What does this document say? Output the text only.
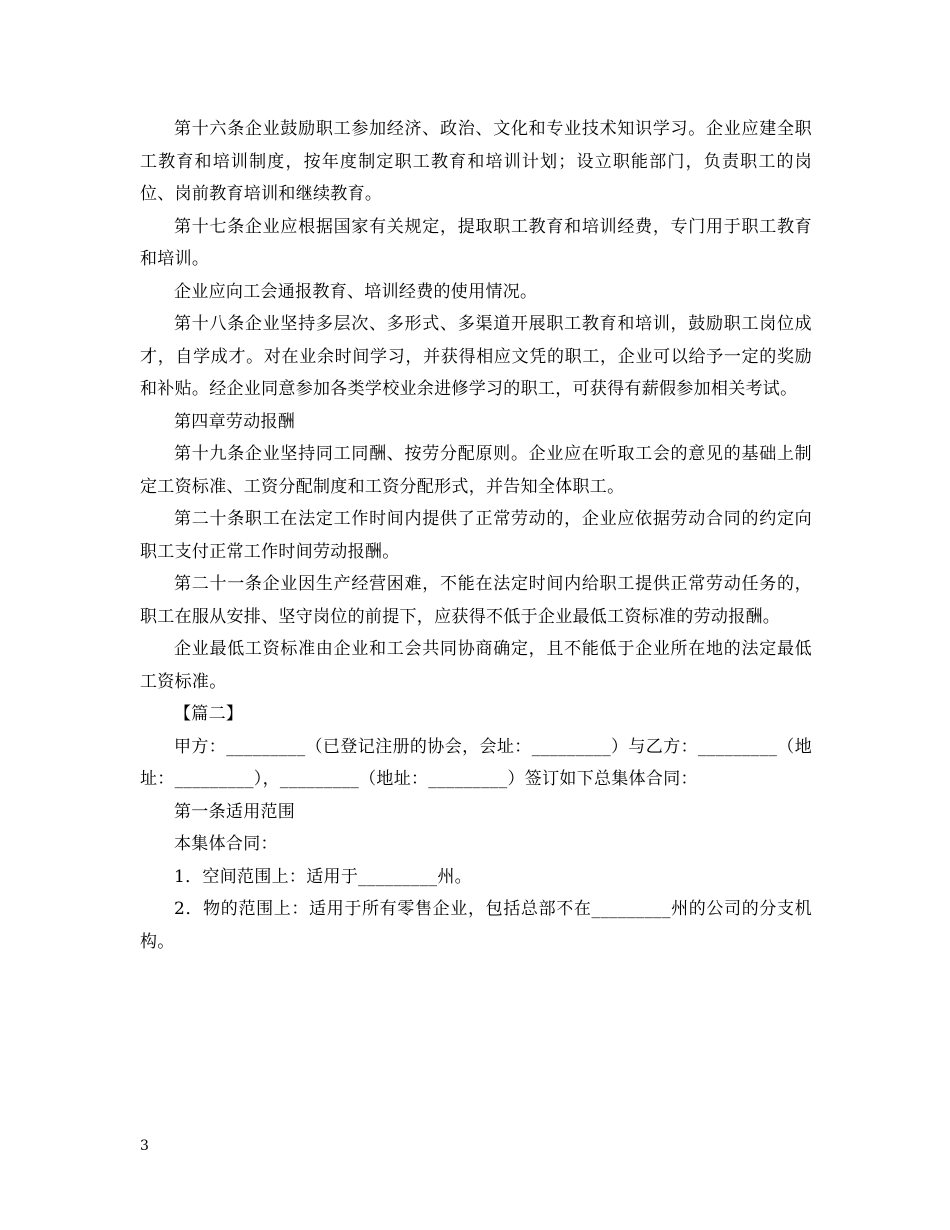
第十六条企业鼓励职工参加经济、政治、文化和专业技术知识学习。企业应建全职工教育和培训制度，按年度制定职工教育和培训计划；设立职能部门，负责职工的岗位、岗前教育培训和继续教育。

第十七条企业应根据国家有关规定，提取职工教育和培训经费，专门用于职工教育和培训。

企业应向工会通报教育、培训经费的使用情况。

第十八条企业坚持多层次、多形式、多渠道开展职工教育和培训，鼓励职工岗位成才，自学成才。对在业余时间学习，并获得相应文凭的职工，企业可以给予一定的奖励和补贴。经企业同意参加各类学校业余进修学习的职工，可获得有薪假参加相关考试。

第四章劳动报酬

第十九条企业坚持同工同酬、按劳分配原则。企业应在听取工会的意见的基础上制定工资标准、工资分配制度和工资分配形式，并告知全体职工。

第二十条职工在法定工作时间内提供了正常劳动的，企业应依据劳动合同的约定向职工支付正常工作时间劳动报酬。

第二十一条企业因生产经营困难，不能在法定时间内给职工提供正常劳动任务的，职工在服从安排、坚守岗位的前提下，应获得不低于企业最低工资标准的劳动报酬。

企业最低工资标准由企业和工会共同协商确定，且不能低于企业所在地的法定最低工资标准。

【篇二】

甲方：_________（已登记注册的协会，会址：_________）与乙方：_________（地址：_________），_________（地址：_________）签订如下总集体合同：

第一条适用范围

本集体合同：

1．空间范围上：适用于_________州。

2．物的范围上：适用于所有零售企业，包括总部不在_________州的公司的分支机构。

3
